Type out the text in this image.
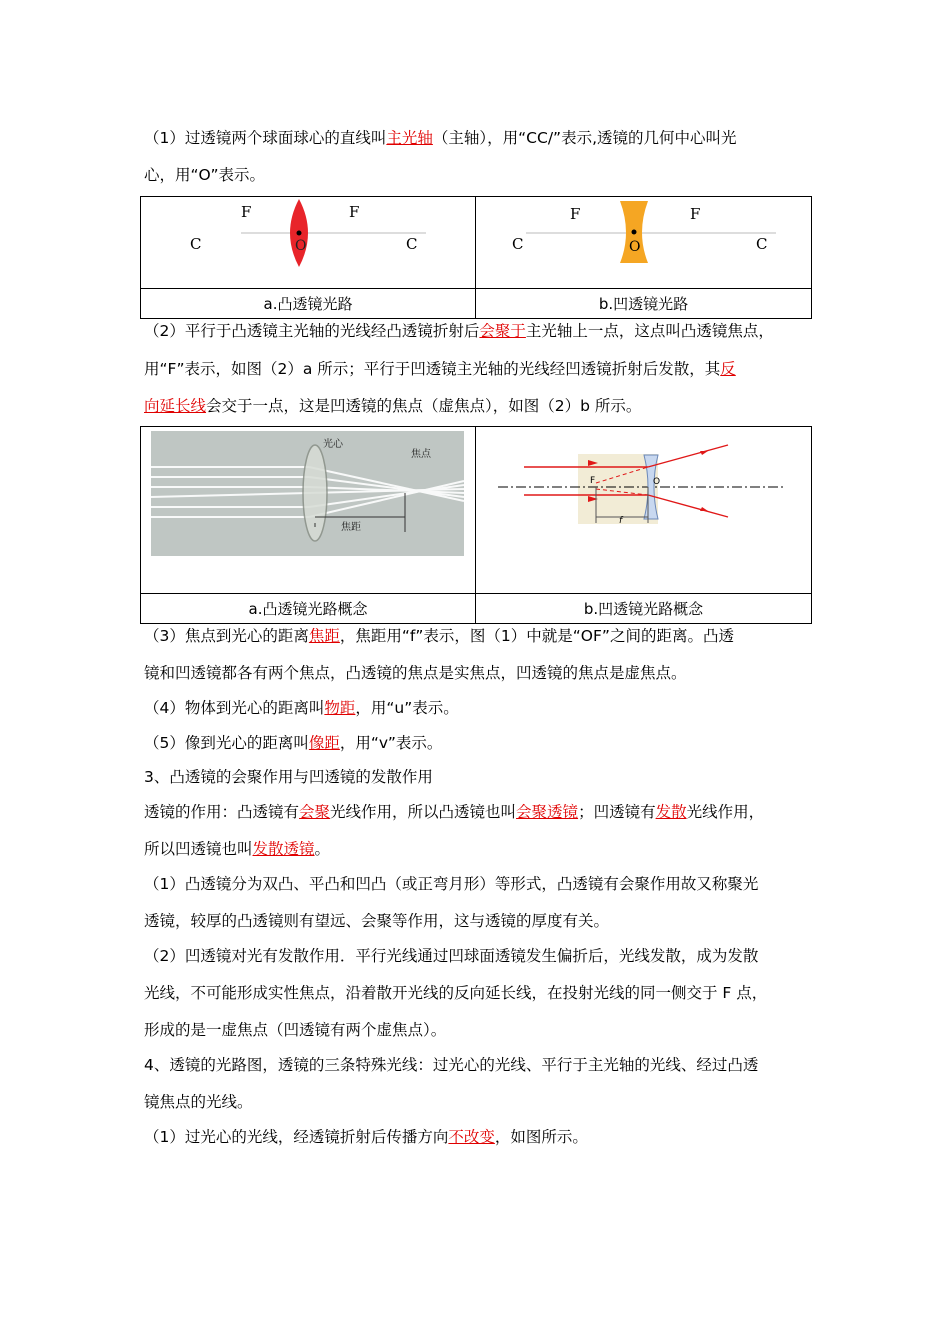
（1）过透镜两个球面球心的直线叫主光轴（主轴），用“CC/”表示,透镜的几何中心叫光
心，用“O”表示。
F F
C C
O	F F
C C
O

a.凸透镜光路	b.凹透镜光路
（2）平行于凸透镜主光轴的光线经凸透镜折射后会聚于主光轴上一点，这点叫凸透镜焦点，
用“F”表示，如图（2）a 所示；平行于凹透镜主光轴的光线经凹透镜折射后发散，其反
向延长线会交于一点，这是凹透镜的焦点（虚焦点），如图（2）b 所示。
光心
焦点
焦距	F O
f

a.凸透镜光路概念	b.凹透镜光路概念
（3）焦点到光心的距离焦距，焦距用“f”表示，图（1）中就是“OF”之间的距离。凸透
镜和凹透镜都各有两个焦点，凸透镜的焦点是实焦点，凹透镜的焦点是虚焦点。
（4）物体到光心的距离叫物距，用“u”表示。
（5）像到光心的距离叫像距，用“v”表示。
3、凸透镜的会聚作用与凹透镜的发散作用
透镜的作用：凸透镜有会聚光线作用，所以凸透镜也叫会聚透镜；凹透镜有发散光线作用，
所以凹透镜也叫发散透镜。
（1）凸透镜分为双凸、平凸和凹凸（或正弯月形）等形式，凸透镜有会聚作用故又称聚光
透镜，较厚的凸透镜则有望远、会聚等作用，这与透镜的厚度有关。
（2）凹透镜对光有发散作用．平行光线通过凹球面透镜发生偏折后，光线发散，成为发散
光线，不可能形成实性焦点，沿着散开光线的反向延长线，在投射光线的同一侧交于 F 点，
形成的是一虚焦点（凹透镜有两个虚焦点）。
4、透镜的光路图，透镜的三条特殊光线：过光心的光线、平行于主光轴的光线、经过凸透
镜焦点的光线。
（1）过光心的光线，经透镜折射后传播方向不改变，如图所示。
